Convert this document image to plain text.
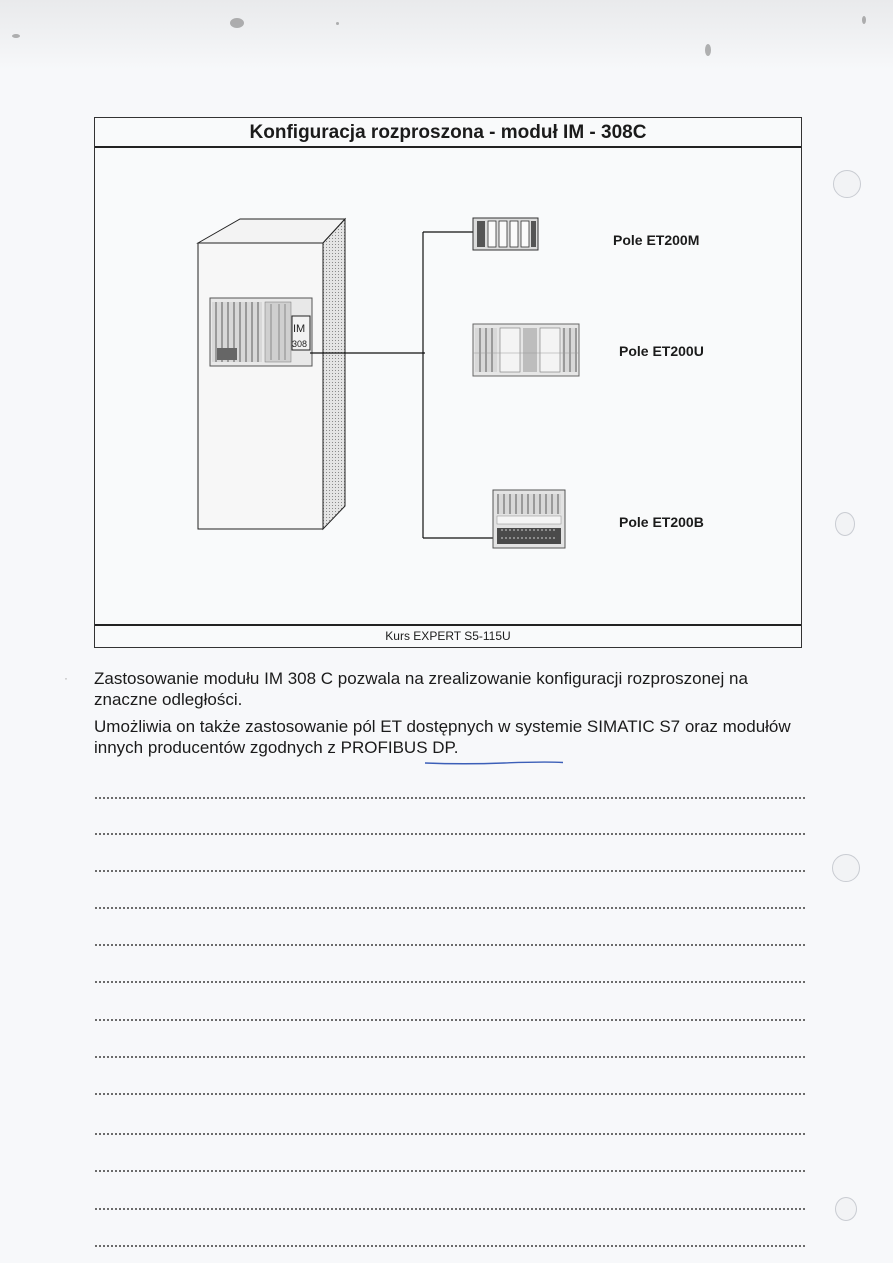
Konfiguracja rozproszona - moduł IM - 308C
IM
308
Pole ET200M
Pole ET200U
Pole ET200B
Kurs EXPERT S5-115U
· Zastosowanie modułu IM 308 C pozwala na zrealizowanie konfiguracji rozproszonej na znaczne odległości.

Umożliwia on także zastosowanie pól ET dostępnych w systemie SIMATIC S7 oraz modułów innych producentów zgodnych z PROFIBUS DP.
